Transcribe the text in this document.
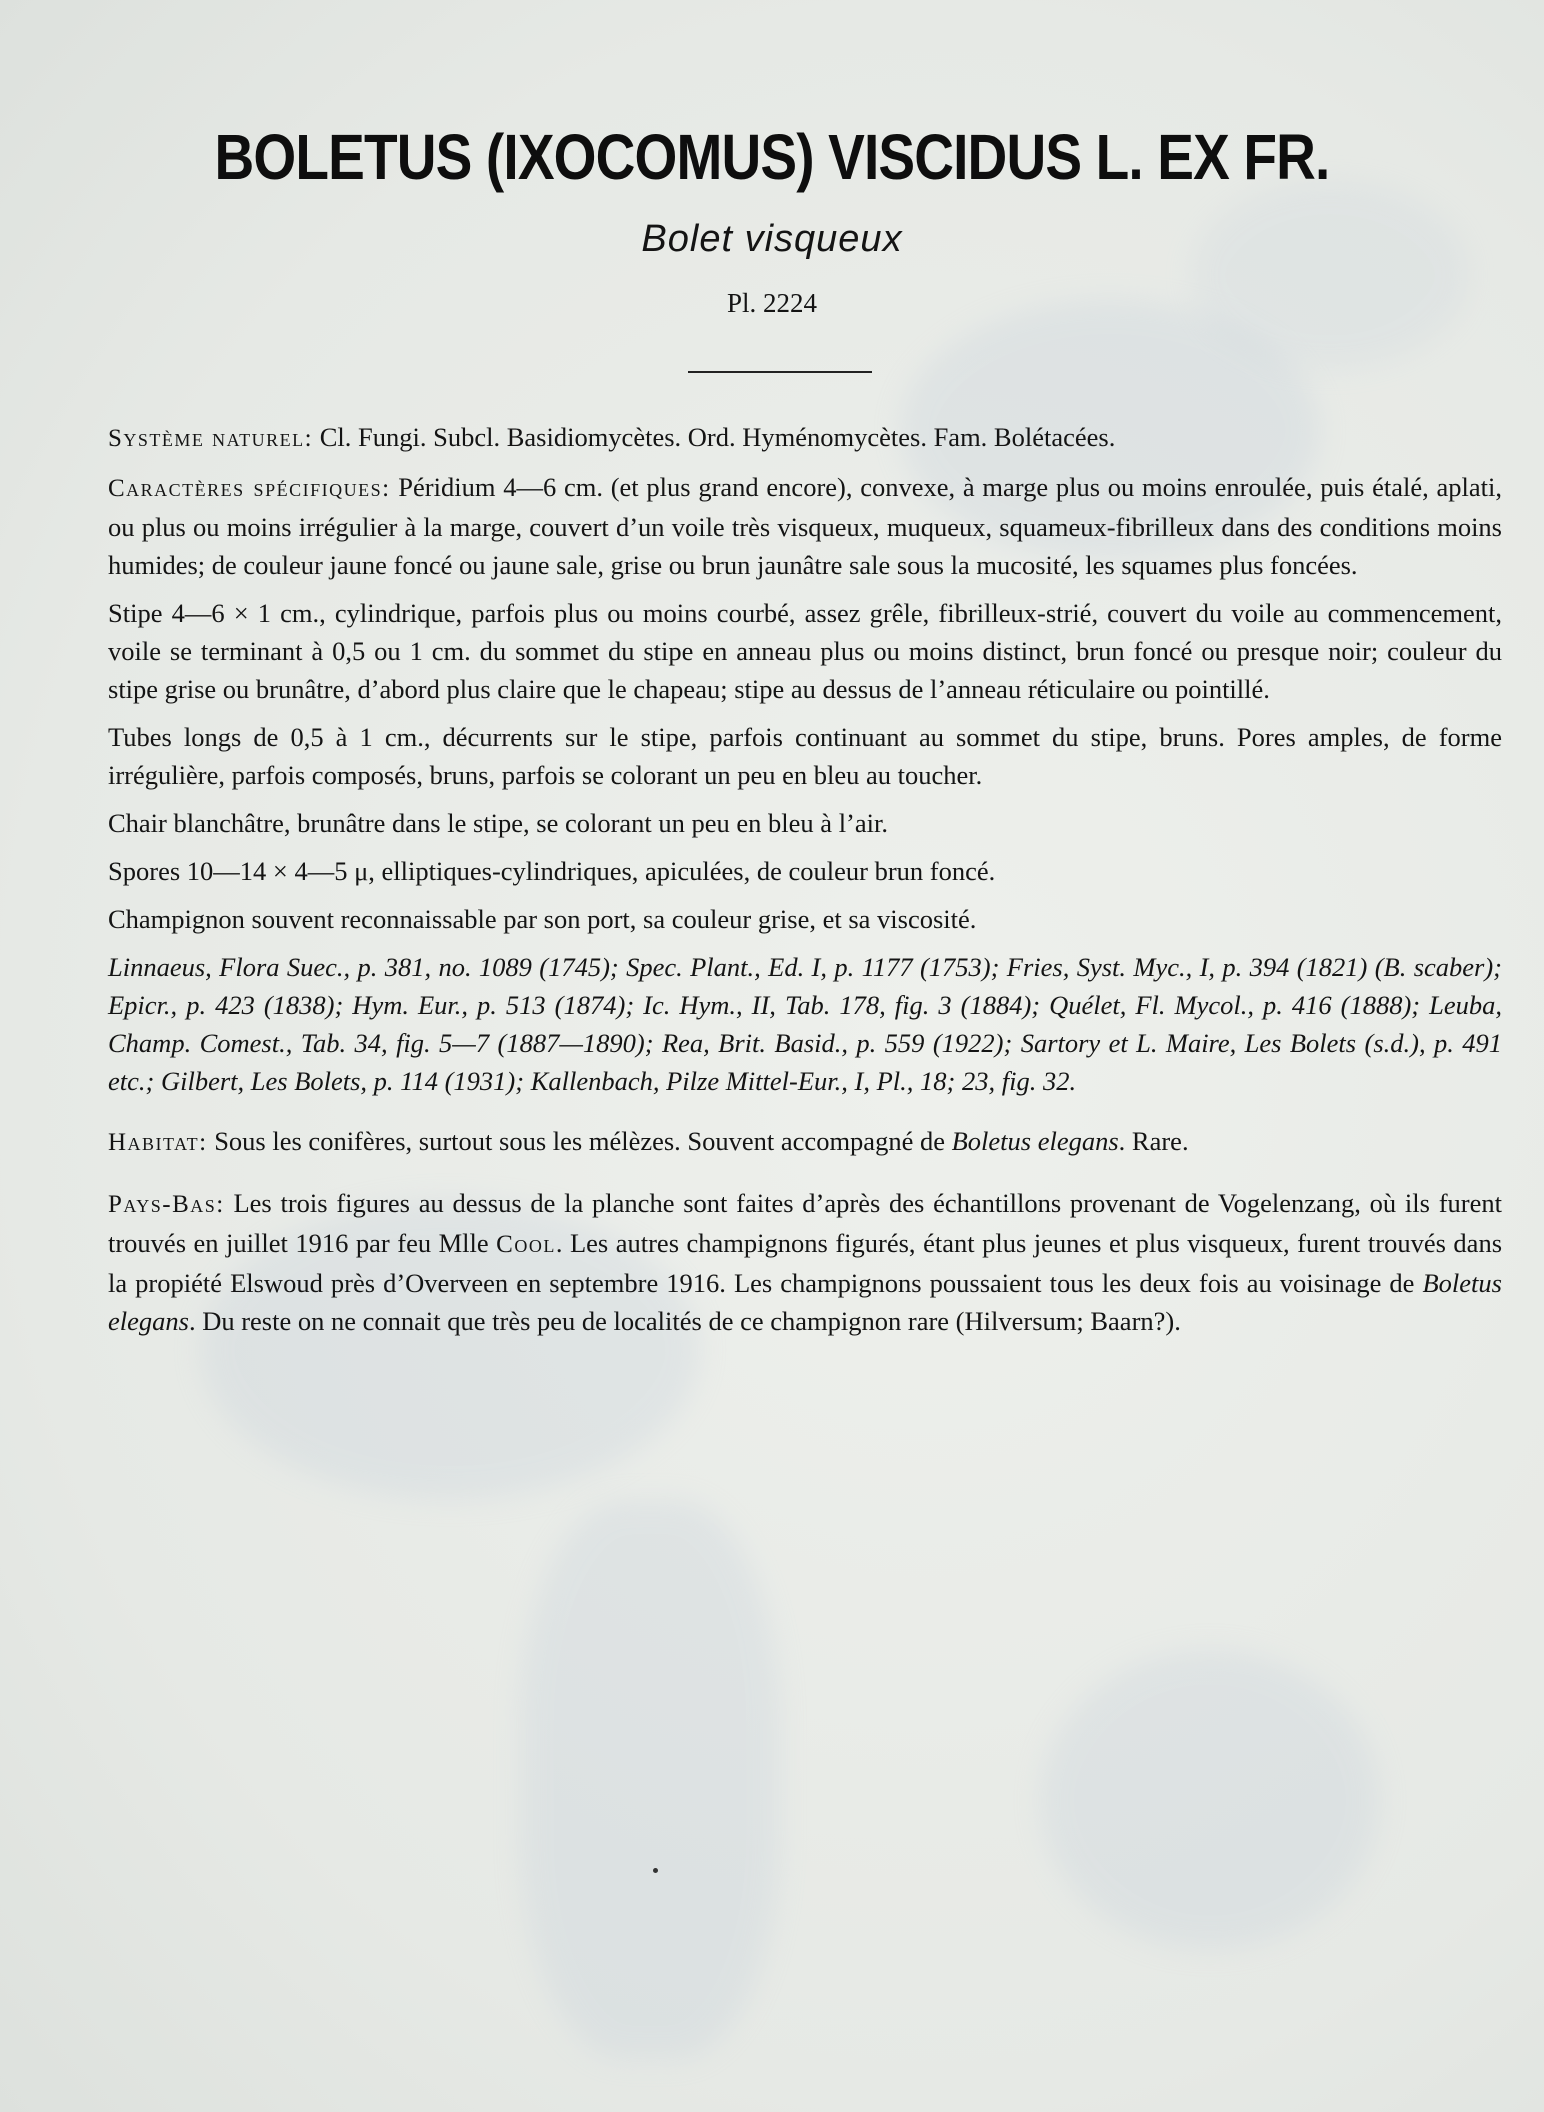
BOLETUS (IXOCOMUS) VISCIDUS L. EX FR.
Bolet visqueux
Pl. 2224

Système naturel: Cl. Fungi. Subcl. Basidiomycètes. Ord. Hyménomycètes. Fam. Bolétacées.

Caractères spécifiques: Péridium 4—6 cm. (et plus grand encore), convexe, à marge plus ou moins enroulée, puis étalé, aplati, ou plus ou moins irrégulier à la marge, couvert d’un voile très visqueux, muqueux, squameux-fibrilleux dans des conditions moins humides; de couleur jaune foncé ou jaune sale, grise ou brun jaunâtre sale sous la mucosité, les squames plus foncées.

Stipe 4—6 × 1 cm., cylindrique, parfois plus ou moins courbé, assez grêle, fibrilleux-strié, couvert du voile au commencement, voile se terminant à 0,5 ou 1 cm. du sommet du stipe en anneau plus ou moins distinct, brun foncé ou presque noir; couleur du stipe grise ou brunâtre, d’abord plus claire que le chapeau; stipe au dessus de l’anneau réticulaire ou pointillé.

Tubes longs de 0,5 à 1 cm., décurrents sur le stipe, parfois continuant au sommet du stipe, bruns. Pores amples, de forme irrégulière, parfois composés, bruns, parfois se colorant un peu en bleu au toucher.

Chair blanchâtre, brunâtre dans le stipe, se colorant un peu en bleu à l’air.

Spores 10—14 × 4—5 μ, elliptiques-cylindriques, apiculées, de couleur brun foncé.

Champignon souvent reconnaissable par son port, sa couleur grise, et sa viscosité.

Linnaeus, Flora Suec., p. 381, no. 1089 (1745); Spec. Plant., Ed. I, p. 1177 (1753); Fries, Syst. Myc., I, p. 394 (1821) (B. scaber); Epicr., p. 423 (1838); Hym. Eur., p. 513 (1874); Ic. Hym., II, Tab. 178, fig. 3 (1884); Quélet, Fl. Mycol., p. 416 (1888); Leuba, Champ. Comest., Tab. 34, fig. 5—7 (1887—1890); Rea, Brit. Basid., p. 559 (1922); Sartory et L. Maire, Les Bolets (s.d.), p. 491 etc.; Gilbert, Les Bolets, p. 114 (1931); Kallenbach, Pilze Mittel-Eur., I, Pl., 18; 23, fig. 32.

Habitat: Sous les conifères, surtout sous les mélèzes. Souvent accompagné de Boletus elegans. Rare.

Pays-Bas: Les trois figures au dessus de la planche sont faites d’après des échantillons provenant de Vogelenzang, où ils furent trouvés en juillet 1916 par feu Mlle Cool. Les autres champignons figurés, étant plus jeunes et plus visqueux, furent trouvés dans la propiété Elswoud près d’Overveen en septembre 1916. Les champignons poussaient tous les deux fois au voisinage de Boletus elegans. Du reste on ne connait que très peu de localités de ce champignon rare (Hilversum; Baarn?).
